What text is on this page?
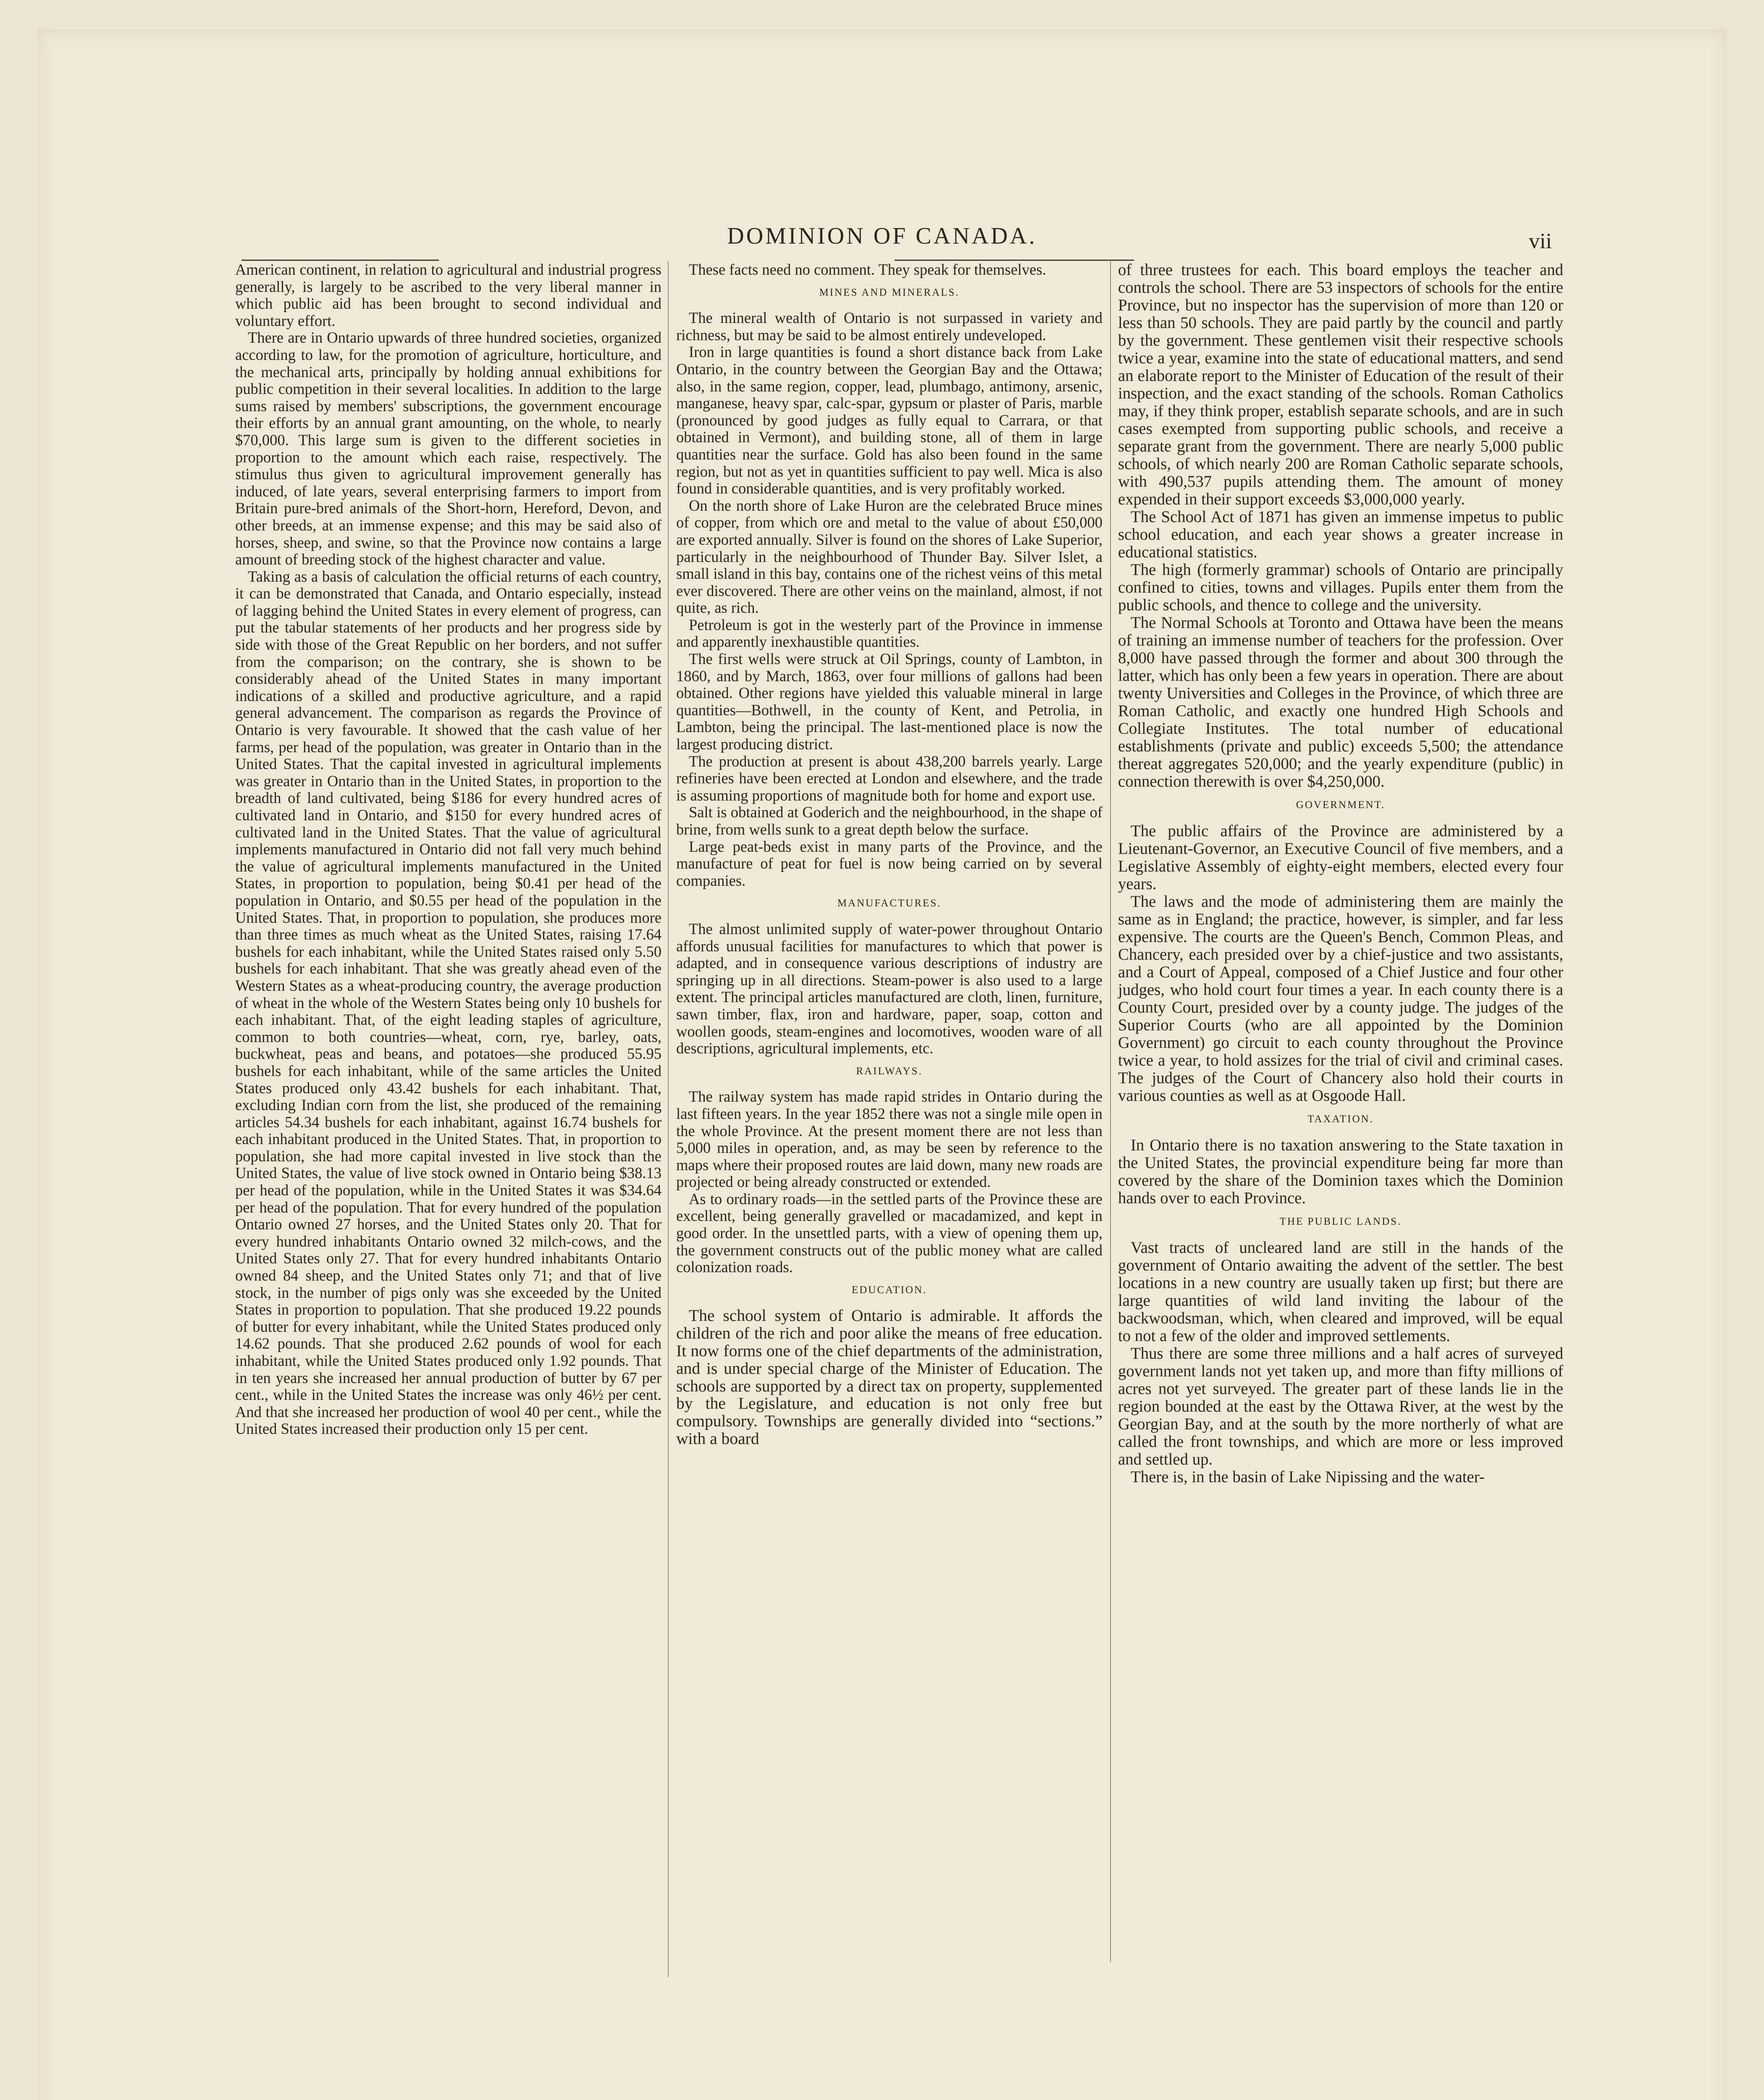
DOMINION OF CANADA.	vii

American continent, in relation to agricultural and industrial progress generally, is largely to be ascribed to the very liberal manner in which public aid has been brought to second individual and voluntary effort.

There are in Ontario upwards of three hundred societies, organized according to law, for the promotion of agriculture, horticulture, and the mechanical arts, principally by holding annual exhibitions for public competition in their several localities. In addition to the large sums raised by members' subscriptions, the government encourage their efforts by an annual grant amounting, on the whole, to nearly $70,000. This large sum is given to the different societies in proportion to the amount which each raise, respectively. The stimulus thus given to agricultural improvement generally has induced, of late years, several enterprising farmers to import from Britain pure-bred animals of the Short-horn, Hereford, Devon, and other breeds, at an immense expense; and this may be said also of horses, sheep, and swine, so that the Province now contains a large amount of breeding stock of the highest character and value.

Taking as a basis of calculation the official returns of each country, it can be demonstrated that Canada, and Ontario especially, instead of lagging behind the United States in every element of progress, can put the tabular statements of her products and her progress side by side with those of the Great Republic on her borders, and not suffer from the comparison; on the contrary, she is shown to be considerably ahead of the United States in many important indications of a skilled and productive agriculture, and a rapid general advancement. The comparison as regards the Province of Ontario is very favourable. It showed that the cash value of her farms, per head of the population, was greater in Ontario than in the United States. That the capital invested in agricultural implements was greater in Ontario than in the United States, in proportion to the breadth of land cultivated, being $186 for every hundred acres of cultivated land in Ontario, and $150 for every hundred acres of cultivated land in the United States. That the value of agricultural implements manufactured in Ontario did not fall very much behind the value of agricultural implements manufactured in the United States, in proportion to population, being $0.41 per head of the population in Ontario, and $0.55 per head of the population in the United States. That, in proportion to population, she produces more than three times as much wheat as the United States, raising 17.64 bushels for each inhabitant, while the United States raised only 5.50 bushels for each inhabitant. That she was greatly ahead even of the Western States as a wheat-producing country, the average production of wheat in the whole of the Western States being only 10 bushels for each inhabitant. That, of the eight leading staples of agriculture, common to both countries—wheat, corn, rye, barley, oats, buckwheat, peas and beans, and potatoes—she produced 55.95 bushels for each inhabitant, while of the same articles the United States produced only 43.42 bushels for each inhabitant. That, excluding Indian corn from the list, she produced of the remaining articles 54.34 bushels for each inhabitant, against 16.74 bushels for each inhabitant produced in the United States. That, in proportion to population, she had more capital invested in live stock than the United States, the value of live stock owned in Ontario being $38.13 per head of the population, while in the United States it was $34.64 per head of the population. That for every hundred of the population Ontario owned 27 horses, and the United States only 20. That for every hundred inhabitants Ontario owned 32 milch-cows, and the United States only 27. That for every hundred inhabitants Ontario owned 84 sheep, and the United States only 71; and that of live stock, in the number of pigs only was she exceeded by the United States in proportion to population. That she produced 19.22 pounds of butter for every inhabitant, while the United States produced only 14.62 pounds. That she produced 2.62 pounds of wool for each inhabitant, while the United States produced only 1.92 pounds. That in ten years she increased her annual production of butter by 67 per cent., while in the United States the increase was only 46½ per cent. And that she increased her production of wool 40 per cent., while the United States increased their production only 15 per cent.

These facts need no comment. They speak for themselves.

MINES AND MINERALS.

The mineral wealth of Ontario is not surpassed in variety and richness, but may be said to be almost entirely undeveloped.

Iron in large quantities is found a short distance back from Lake Ontario, in the country between the Georgian Bay and the Ottawa; also, in the same region, copper, lead, plumbago, antimony, arsenic, manganese, heavy spar, calc-spar, gypsum or plaster of Paris, marble (pronounced by good judges as fully equal to Carrara, or that obtained in Vermont), and building stone, all of them in large quantities near the surface. Gold has also been found in the same region, but not as yet in quantities sufficient to pay well. Mica is also found in considerable quantities, and is very profitably worked.

On the north shore of Lake Huron are the celebrated Bruce mines of copper, from which ore and metal to the value of about £50,000 are exported annually. Silver is found on the shores of Lake Superior, particularly in the neighbourhood of Thunder Bay. Silver Islet, a small island in this bay, contains one of the richest veins of this metal ever discovered. There are other veins on the mainland, almost, if not quite, as rich.

Petroleum is got in the westerly part of the Province in immense and apparently inexhaustible quantities.

The first wells were struck at Oil Springs, county of Lambton, in 1860, and by March, 1863, over four millions of gallons had been obtained. Other regions have yielded this valuable mineral in large quantities—Bothwell, in the county of Kent, and Petrolia, in Lambton, being the principal. The last-mentioned place is now the largest producing district.

The production at present is about 438,200 barrels yearly. Large refineries have been erected at London and elsewhere, and the trade is assuming proportions of magnitude both for home and export use.

Salt is obtained at Goderich and the neighbourhood, in the shape of brine, from wells sunk to a great depth below the surface.

Large peat-beds exist in many parts of the Province, and the manufacture of peat for fuel is now being carried on by several companies.

MANUFACTURES.

The almost unlimited supply of water-power throughout Ontario affords unusual facilities for manufactures to which that power is adapted, and in consequence various descriptions of industry are springing up in all directions. Steam-power is also used to a large extent. The principal articles manufactured are cloth, linen, furniture, sawn timber, flax, iron and hardware, paper, soap, cotton and woollen goods, steam-engines and locomotives, wooden ware of all descriptions, agricultural implements, etc.

RAILWAYS.

The railway system has made rapid strides in Ontario during the last fifteen years. In the year 1852 there was not a single mile open in the whole Province. At the present moment there are not less than 5,000 miles in operation, and, as may be seen by reference to the maps where their proposed routes are laid down, many new roads are projected or being already constructed or extended.

As to ordinary roads—in the settled parts of the Province these are excellent, being generally gravelled or macadamized, and kept in good order. In the unsettled parts, with a view of opening them up, the government constructs out of the public money what are called colonization roads.

EDUCATION.

The school system of Ontario is admirable. It affords the children of the rich and poor alike the means of free education. It now forms one of the chief departments of the administration, and is under special charge of the Minister of Education. The schools are supported by a direct tax on property, supplemented by the Legislature, and education is not only free but compulsory. Townships are generally divided into “sections.” with a board

of three trustees for each. This board employs the teacher and controls the school. There are 53 inspectors of schools for the entire Province, but no inspector has the supervision of more than 120 or less than 50 schools. They are paid partly by the council and partly by the government. These gentlemen visit their respective schools twice a year, examine into the state of educational matters, and send an elaborate report to the Minister of Education of the result of their inspection, and the exact standing of the schools. Roman Catholics may, if they think proper, establish separate schools, and are in such cases exempted from supporting public schools, and receive a separate grant from the government. There are nearly 5,000 public schools, of which nearly 200 are Roman Catholic separate schools, with 490,537 pupils attending them. The amount of money expended in their support exceeds $3,000,000 yearly.

The School Act of 1871 has given an immense impetus to public school education, and each year shows a greater increase in educational statistics.

The high (formerly grammar) schools of Ontario are principally confined to cities, towns and villages. Pupils enter them from the public schools, and thence to college and the university.

The Normal Schools at Toronto and Ottawa have been the means of training an immense number of teachers for the profession. Over 8,000 have passed through the former and about 300 through the latter, which has only been a few years in operation. There are about twenty Universities and Colleges in the Province, of which three are Roman Catholic, and exactly one hundred High Schools and Collegiate Institutes. The total number of educational establishments (private and public) exceeds 5,500; the attendance thereat aggregates 520,000; and the yearly expenditure (public) in connection therewith is over $4,250,000.

GOVERNMENT.

The public affairs of the Province are administered by a Lieutenant-Governor, an Executive Council of five members, and a Legislative Assembly of eighty-eight members, elected every four years.

The laws and the mode of administering them are mainly the same as in England; the practice, however, is simpler, and far less expensive. The courts are the Queen's Bench, Common Pleas, and Chancery, each presided over by a chief-justice and two assistants, and a Court of Appeal, composed of a Chief Justice and four other judges, who hold court four times a year. In each county there is a County Court, presided over by a county judge. The judges of the Superior Courts (who are all appointed by the Dominion Government) go circuit to each county throughout the Province twice a year, to hold assizes for the trial of civil and criminal cases. The judges of the Court of Chancery also hold their courts in various counties as well as at Osgoode Hall.

TAXATION.

In Ontario there is no taxation answering to the State taxation in the United States, the provincial expenditure being far more than covered by the share of the Dominion taxes which the Dominion hands over to each Province.

THE PUBLIC LANDS.

Vast tracts of uncleared land are still in the hands of the government of Ontario awaiting the advent of the settler. The best locations in a new country are usually taken up first; but there are large quantities of wild land inviting the labour of the backwoodsman, which, when cleared and improved, will be equal to not a few of the older and improved settlements.

Thus there are some three millions and a half acres of surveyed government lands not yet taken up, and more than fifty millions of acres not yet surveyed. The greater part of these lands lie in the region bounded at the east by the Ottawa River, at the west by the Georgian Bay, and at the south by the more northerly of what are called the front townships, and which are more or less improved and settled up.

There is, in the basin of Lake Nipissing and the water-
